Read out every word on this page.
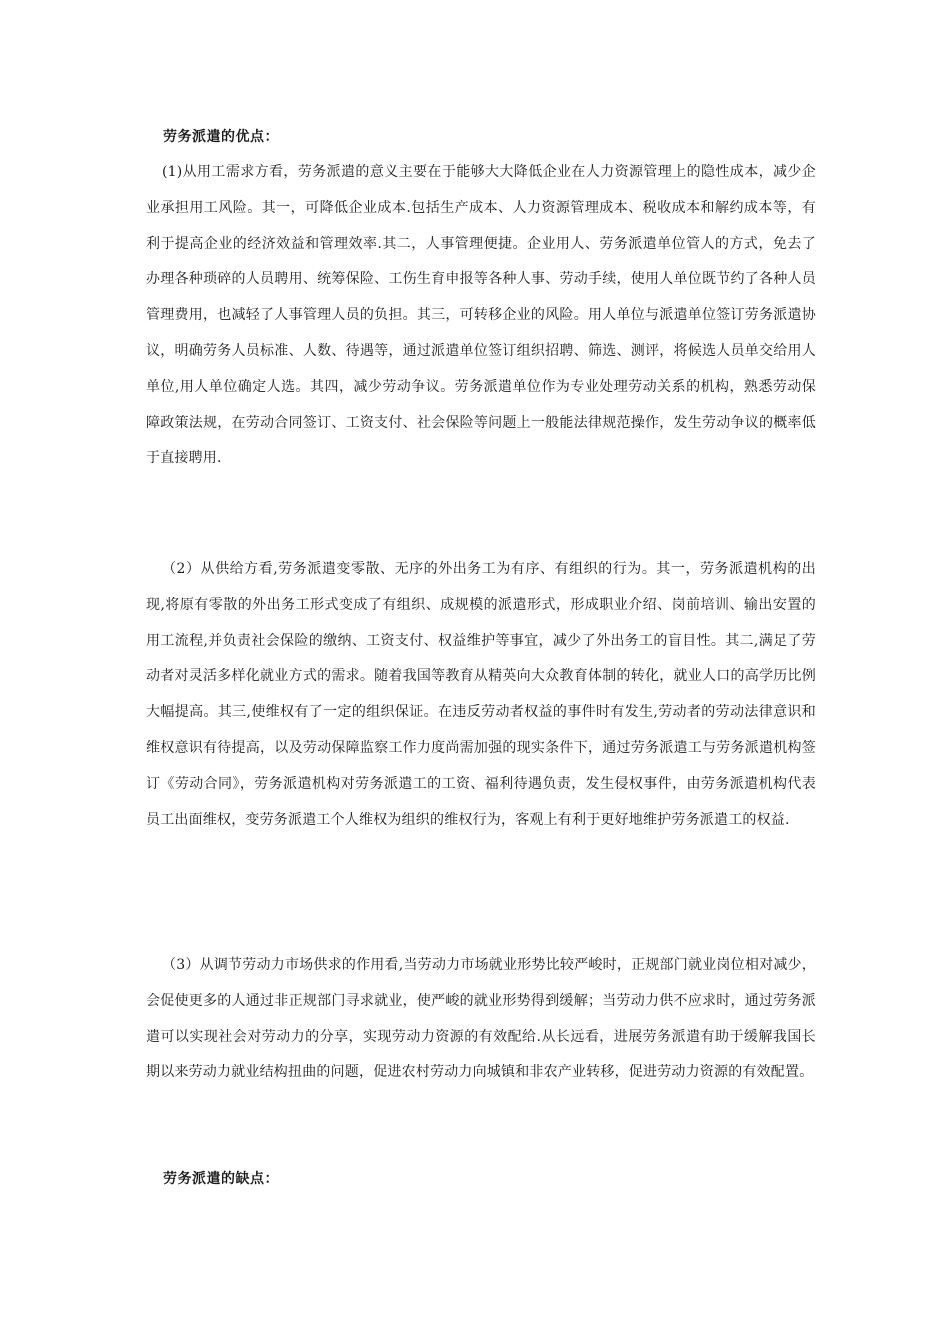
劳务派遣的优点：

(1)从用工需求方看，劳务派遣的意义主要在于能够大大降低企业在人力资源管理上的隐性成本，减少企业承担用工风险。其一，可降低企业成本.包括生产成本、人力资源管理成本、税收成本和解约成本等，有利于提高企业的经济效益和管理效率.其二，人事管理便捷。企业用人、劳务派遣单位管人的方式，免去了办理各种琐碎的人员聘用、统筹保险、工伤生育申报等各种人事、劳动手续，使用人单位既节约了各种人员管理费用，也减轻了人事管理人员的负担。其三，可转移企业的风险。用人单位与派遣单位签订劳务派遣协议，明确劳务人员标准、人数、待遇等，通过派遣单位签订组织招聘、筛选、测评，将候选人员单交给用人单位,用人单位确定人选。其四，减少劳动争议。劳务派遣单位作为专业处理劳动关系的机构，熟悉劳动保障政策法规，在劳动合同签订、工资支付、社会保险等问题上一般能法律规范操作，发生劳动争议的概率低于直接聘用.

（2）从供给方看,劳务派遣变零散、无序的外出务工为有序、有组织的行为。其一，劳务派遣机构的出现,将原有零散的外出务工形式变成了有组织、成规模的派遣形式，形成职业介绍、岗前培训、输出安置的用工流程,并负责社会保险的缴纳、工资支付、权益维护等事宜，减少了外出务工的盲目性。其二,满足了劳动者对灵活多样化就业方式的需求。随着我国等教育从精英向大众教育体制的转化，就业人口的高学历比例大幅提高。其三,使维权有了一定的组织保证。在违反劳动者权益的事件时有发生,劳动者的劳动法律意识和维权意识有待提高，以及劳动保障监察工作力度尚需加强的现实条件下，通过劳务派遣工与劳务派遣机构签订《劳动合同》，劳务派遣机构对劳务派遣工的工资、福利待遇负责，发生侵权事件，由劳务派遣机构代表员工出面维权，变劳务派遣工个人维权为组织的维权行为，客观上有利于更好地维护劳务派遣工的权益.

（3）从调节劳动力市场供求的作用看,当劳动力市场就业形势比较严峻时，正规部门就业岗位相对减少，会促使更多的人通过非正规部门寻求就业，使严峻的就业形势得到缓解；当劳动力供不应求时，通过劳务派遣可以实现社会对劳动力的分享，实现劳动力资源的有效配给.从长远看，进展劳务派遣有助于缓解我国长期以来劳动力就业结构扭曲的问题，促进农村劳动力向城镇和非农产业转移，促进劳动力资源的有效配置。

劳务派遣的缺点：
